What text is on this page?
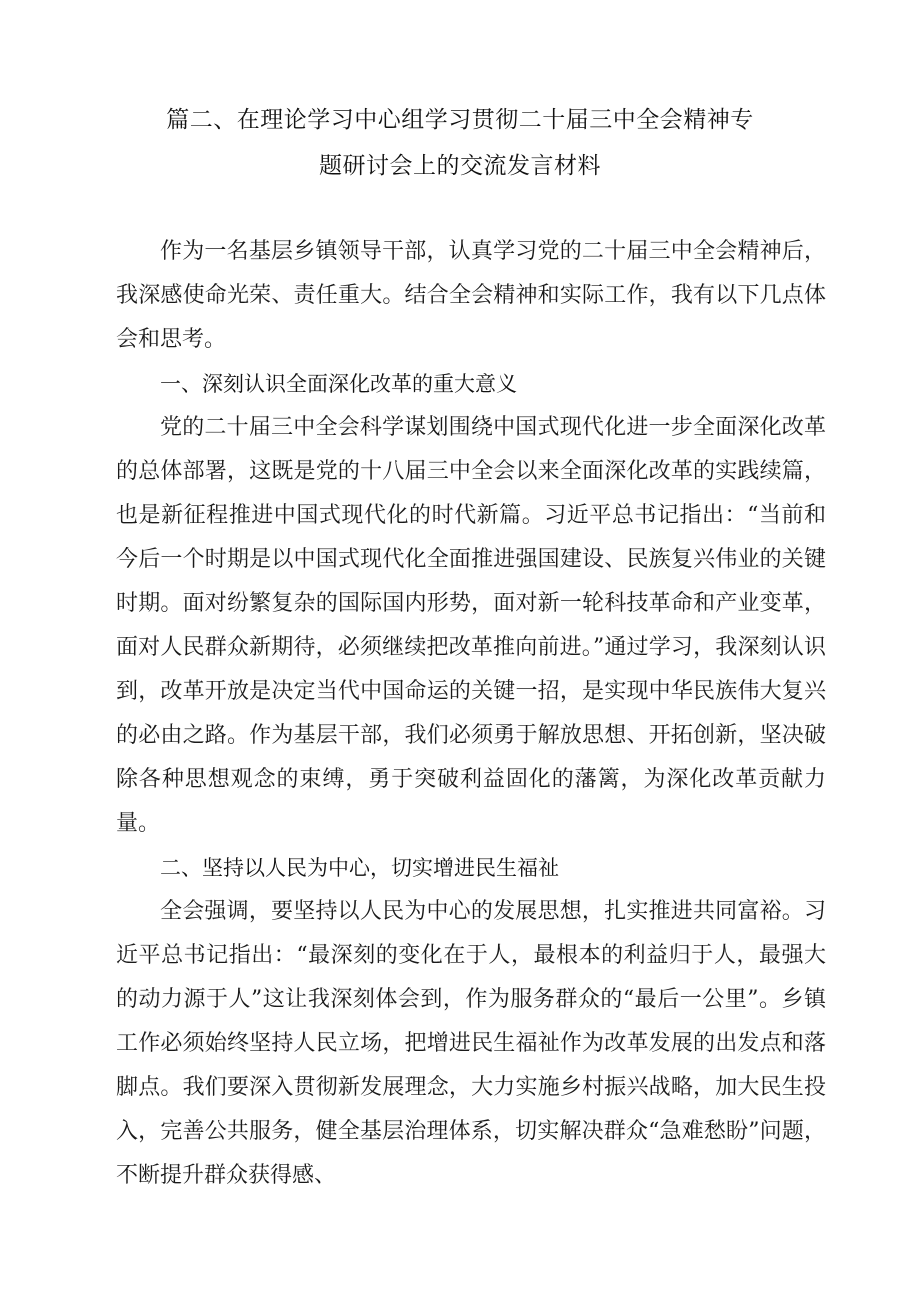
篇二、在理论学习中心组学习贯彻二十届三中全会精神专
题研讨会上的交流发言材料

作为一名基层乡镇领导干部，认真学习党的二十届三中全会精神后，我深感使命光荣、责任重大。结合全会精神和实际工作，我有以下几点体会和思考。

一、深刻认识全面深化改革的重大意义

党的二十届三中全会科学谋划围绕中国式现代化进一步全面深化改革的总体部署，这既是党的十八届三中全会以来全面深化改革的实践续篇，也是新征程推进中国式现代化的时代新篇。习近平总书记指出：“当前和今后一个时期是以中国式现代化全面推进强国建设、民族复兴伟业的关键时期。面对纷繁复杂的国际国内形势，面对新一轮科技革命和产业变革，面对人民群众新期待，必须继续把改革推向前进。”通过学习，我深刻认识到，改革开放是决定当代中国命运的关键一招，是实现中华民族伟大复兴的必由之路。作为基层干部，我们必须勇于解放思想、开拓创新，坚决破除各种思想观念的束缚，勇于突破利益固化的藩篱，为深化改革贡献力量。

二、坚持以人民为中心，切实增进民生福祉

全会强调，要坚持以人民为中心的发展思想，扎实推进共同富裕。习近平总书记指出：“最深刻的变化在于人，最根本的利益归于人，最强大的动力源于人”这让我深刻体会到，作为服务群众的“最后一公里”。乡镇工作必须始终坚持人民立场，把增进民生福祉作为改革发展的出发点和落脚点。我们要深入贯彻新发展理念，大力实施乡村振兴战略，加大民生投入，完善公共服务，健全基层治理体系，切实解决群众“急难愁盼”问题，不断提升群众获得感、
